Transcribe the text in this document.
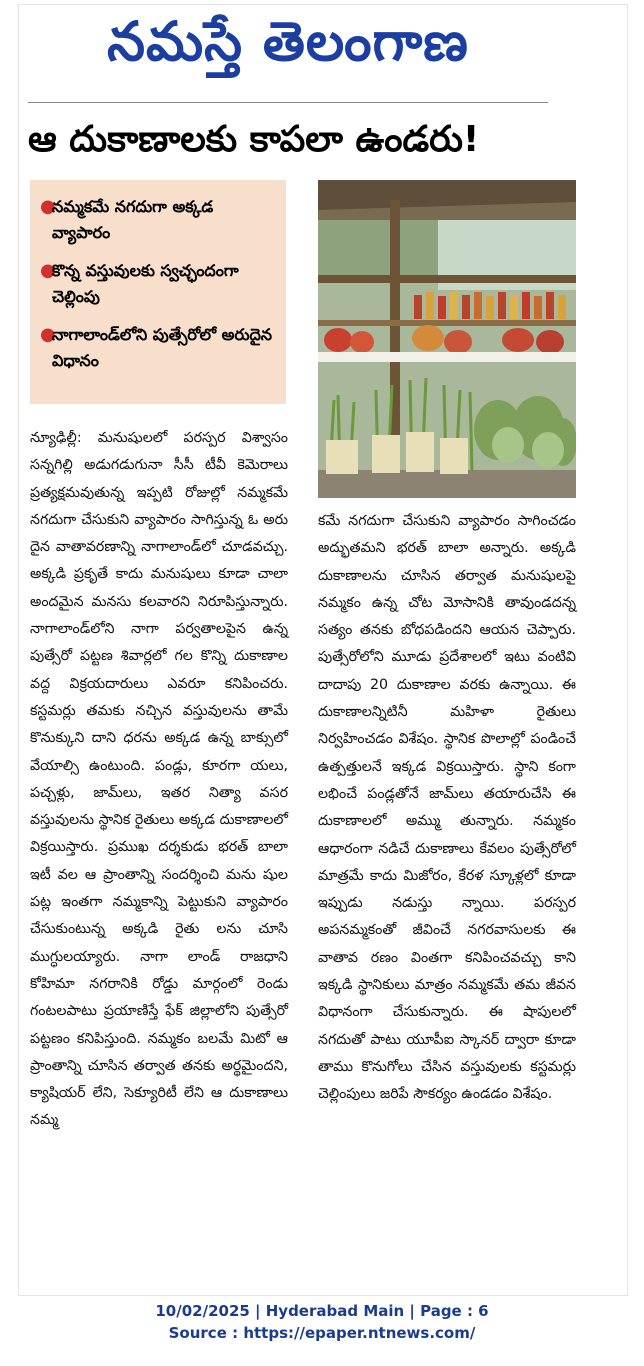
నమస్తే తెలంగాణ
ఆ దుకాణాలకు కాపలా ఉండరు!
●
నమ్మకమే నగదుగా అక్కడ వ్యాపారం
●
కొన్న వస్తువులకు స్వచ్ఛందంగా చెల్లింపు
●
నాగాలాండ్‌లోని పుత్సేరోలో అరుదైన విధానం

న్యూఢిల్లీ: మనుషులలో పరస్పర విశ్వాసం సన్నగిల్లి అడుగడుగునా సీసీ టీవీ కెమెరాలు ప్రత్యక్షమవుతున్న ఇప్పటి రోజుల్లో నమ్మకమే నగదుగా చేసుకుని వ్యాపారం సాగిస్తున్న ఓ అరు దైన వాతావరణాన్ని నాగాలాండ్‌లో చూడవచ్చు. అక్కడి ప్రకృతే కాదు మనుషులు కూడా చాలా అందమైన మనసు కలవారని నిరూపిస్తున్నారు. నాగాలాండ్‌లోని నాగా పర్వతాలపైన ఉన్న పుత్సేరో పట్టణ శివార్లలో గల కొన్ని దుకాణాల వద్ద విక్రయదారులు ఎవరూ కనిపించరు. కస్టమర్లు తమకు నచ్చిన వస్తువులను తామే కొనుక్కుని దాని ధరను అక్కడ ఉన్న బాక్సులో వేయాల్సి ఉంటుంది. పండ్లు, కూరగా యలు, పచ్చళ్లు, జామ్‌లు, ఇతర నిత్యా వసర వస్తువులను స్థానిక రైతులు అక్కడ దుకాణాలలో విక్రయిస్తారు. ప్రముఖ దర్శకుడు భరత్ బాలా ఇటీ వల ఆ ప్రాంతాన్ని సందర్శించి మను షుల పట్ల ఇంతగా నమ్మకాన్ని పెట్టుకుని వ్యాపారం చేసుకుంటున్న అక్కడి రైతు లను చూసి ముగ్ధులయ్యారు. నాగా లాండ్ రాజధాని కోహిమా నగరానికి రోడ్డు మార్గంలో రెండు గంటలపాటు ప్రయాణిస్తే ఫేక్ జిల్లాలోని పుత్సేరో పట్టణం కనిపిస్తుంది. నమ్మకం బలమే మిటో ఆ ప్రాంతాన్ని చూసిన తర్వాత తనకు అర్థమైందని, క్యాషియర్ లేని, సెక్యూరిటీ లేని ఆ దుకాణాలు నమ్మ

కమే నగదుగా చేసుకుని వ్యాపారం సాగించడం అద్భుతమని భరత్ బాలా అన్నారు. అక్కడి దుకాణాలను చూసిన తర్వాత మనుషులపై నమ్మకం ఉన్న చోట మోసానికి తావుండదన్న సత్యం తనకు బోధపడిందని ఆయన చెప్పారు. పుత్సేరోలోని మూడు ప్రదేశాలలో ఇటు వంటివి దాదాపు 20 దుకాణాల వరకు ఉన్నాయి. ఈ దుకాణాలన్నిటినీ మహిళా రైతులు నిర్వహించడం విశేషం. స్థానిక పొలాల్లో పండించే ఉత్పత్తులనే ఇక్కడ విక్రయిస్తారు. స్థాని కంగా లభించే పండ్లతోనే జామ్‌లు తయారుచేసి ఈ దుకాణాలలో అమ్ము తున్నారు. నమ్మకం ఆధారంగా నడిచే దుకాణాలు కేవలం పుత్సేరోలో మాత్రమే కాదు మిజోరం, కేరళ స్కూళ్లలో కూడా ఇప్పుడు నడుస్తు న్నాయి. పరస్పర అపనమ్మకంతో జీవించే నగరవాసులకు ఈ వాతావ రణం వింతగా కనిపించవచ్చు కాని ఇక్కడి స్థానికులు మాత్రం నమ్మకమే తమ జీవన విధానంగా చేసుకున్నారు. ఈ షాపులలో నగదుతో పాటు యూపీఐ స్కానర్ ద్వారా కూడా తాము కొనుగోలు చేసిన వస్తువులకు కస్టమర్లు చెల్లింపులు జరిపే సౌకర్యం ఉండడం విశేషం.

10/02/2025 | Hyderabad Main | Page : 6
Source : https://epaper.ntnews.com/
